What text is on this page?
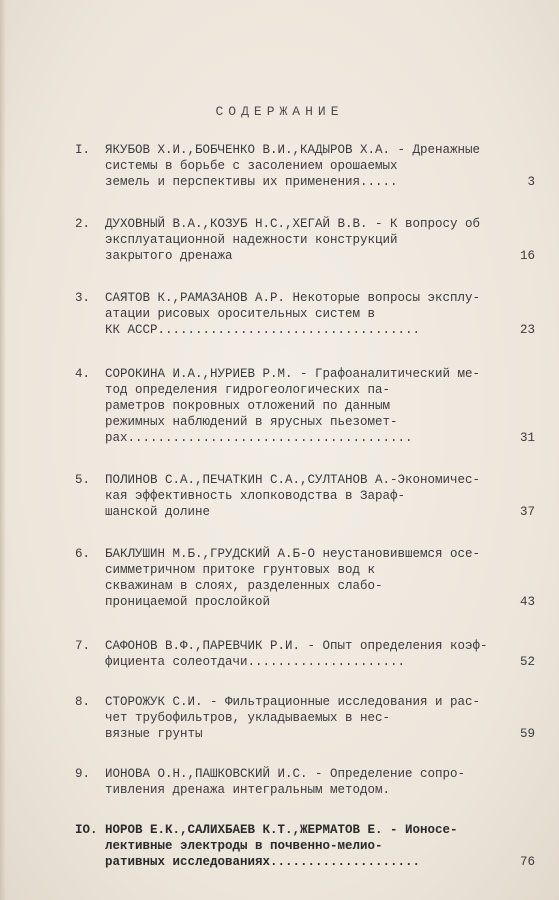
СОДЕРЖАНИЕ
I.	ЯКУБОВ Х.И.,БОБЧЕНКО В.И.,КАДЫРОВ Х.А. - Дренажные
системы в борьбе с засолением орошаемых
земель и перспективы их применения.....	3
2.	ДУХОВНЫЙ В.А.,КОЗУБ Н.С.,ХЕГАЙ В.В. - К вопросу об
эксплуатационной надежности конструкций
закрытого дренажа	16
3.	САЯТОВ К.,РАМАЗАНОВ А.Р. Некоторые вопросы эксплу-
атации рисовых оросительных систем в
КК АССР...................................	23
4.	СОРОКИНА И.А.,НУРИЕВ Р.М. - Графоаналитический ме-
тод определения гидрогеологических па-
раметров покровных отложений по данным
режимных наблюдений в ярусных пьезомет-
рах......................................	31
5.	ПОЛИНОВ С.А.,ПЕЧАТКИН С.А.,СУЛТАНОВ А.-Экономичес-
кая эффективность хлопководства в Зараф-
шанской долине	37
6.	БАКЛУШИН М.Б.,ГРУДСКИЙ А.Б-О неустановившемся осе-
симметричном притоке грунтовых вод к
скважинам в слоях, разделенных слабо-
проницаемой прослойкой	43
7.	САФОНОВ В.Ф.,ПАРЕВЧИК Р.И. - Опыт определения коэф-
фициента солеотдачи.....................	52
8.	СТОРОЖУК С.И. - Фильтрационные исследования и рас-
чет трубофильтров, укладываемых в нес-
вязные грунты	59
9.	ИОНОВА О.Н.,ПАШКОВСКИЙ И.С. - Определение сопро-
тивления дренажа интегральным методом.
IO. НОРОВ Е.К.,САЛИХБАЕВ К.Т.,ЖЕРМАТОВ Е. - Ионосе-
лективные электроды в почвенно-мелио-
ративных исследованиях....................	76
